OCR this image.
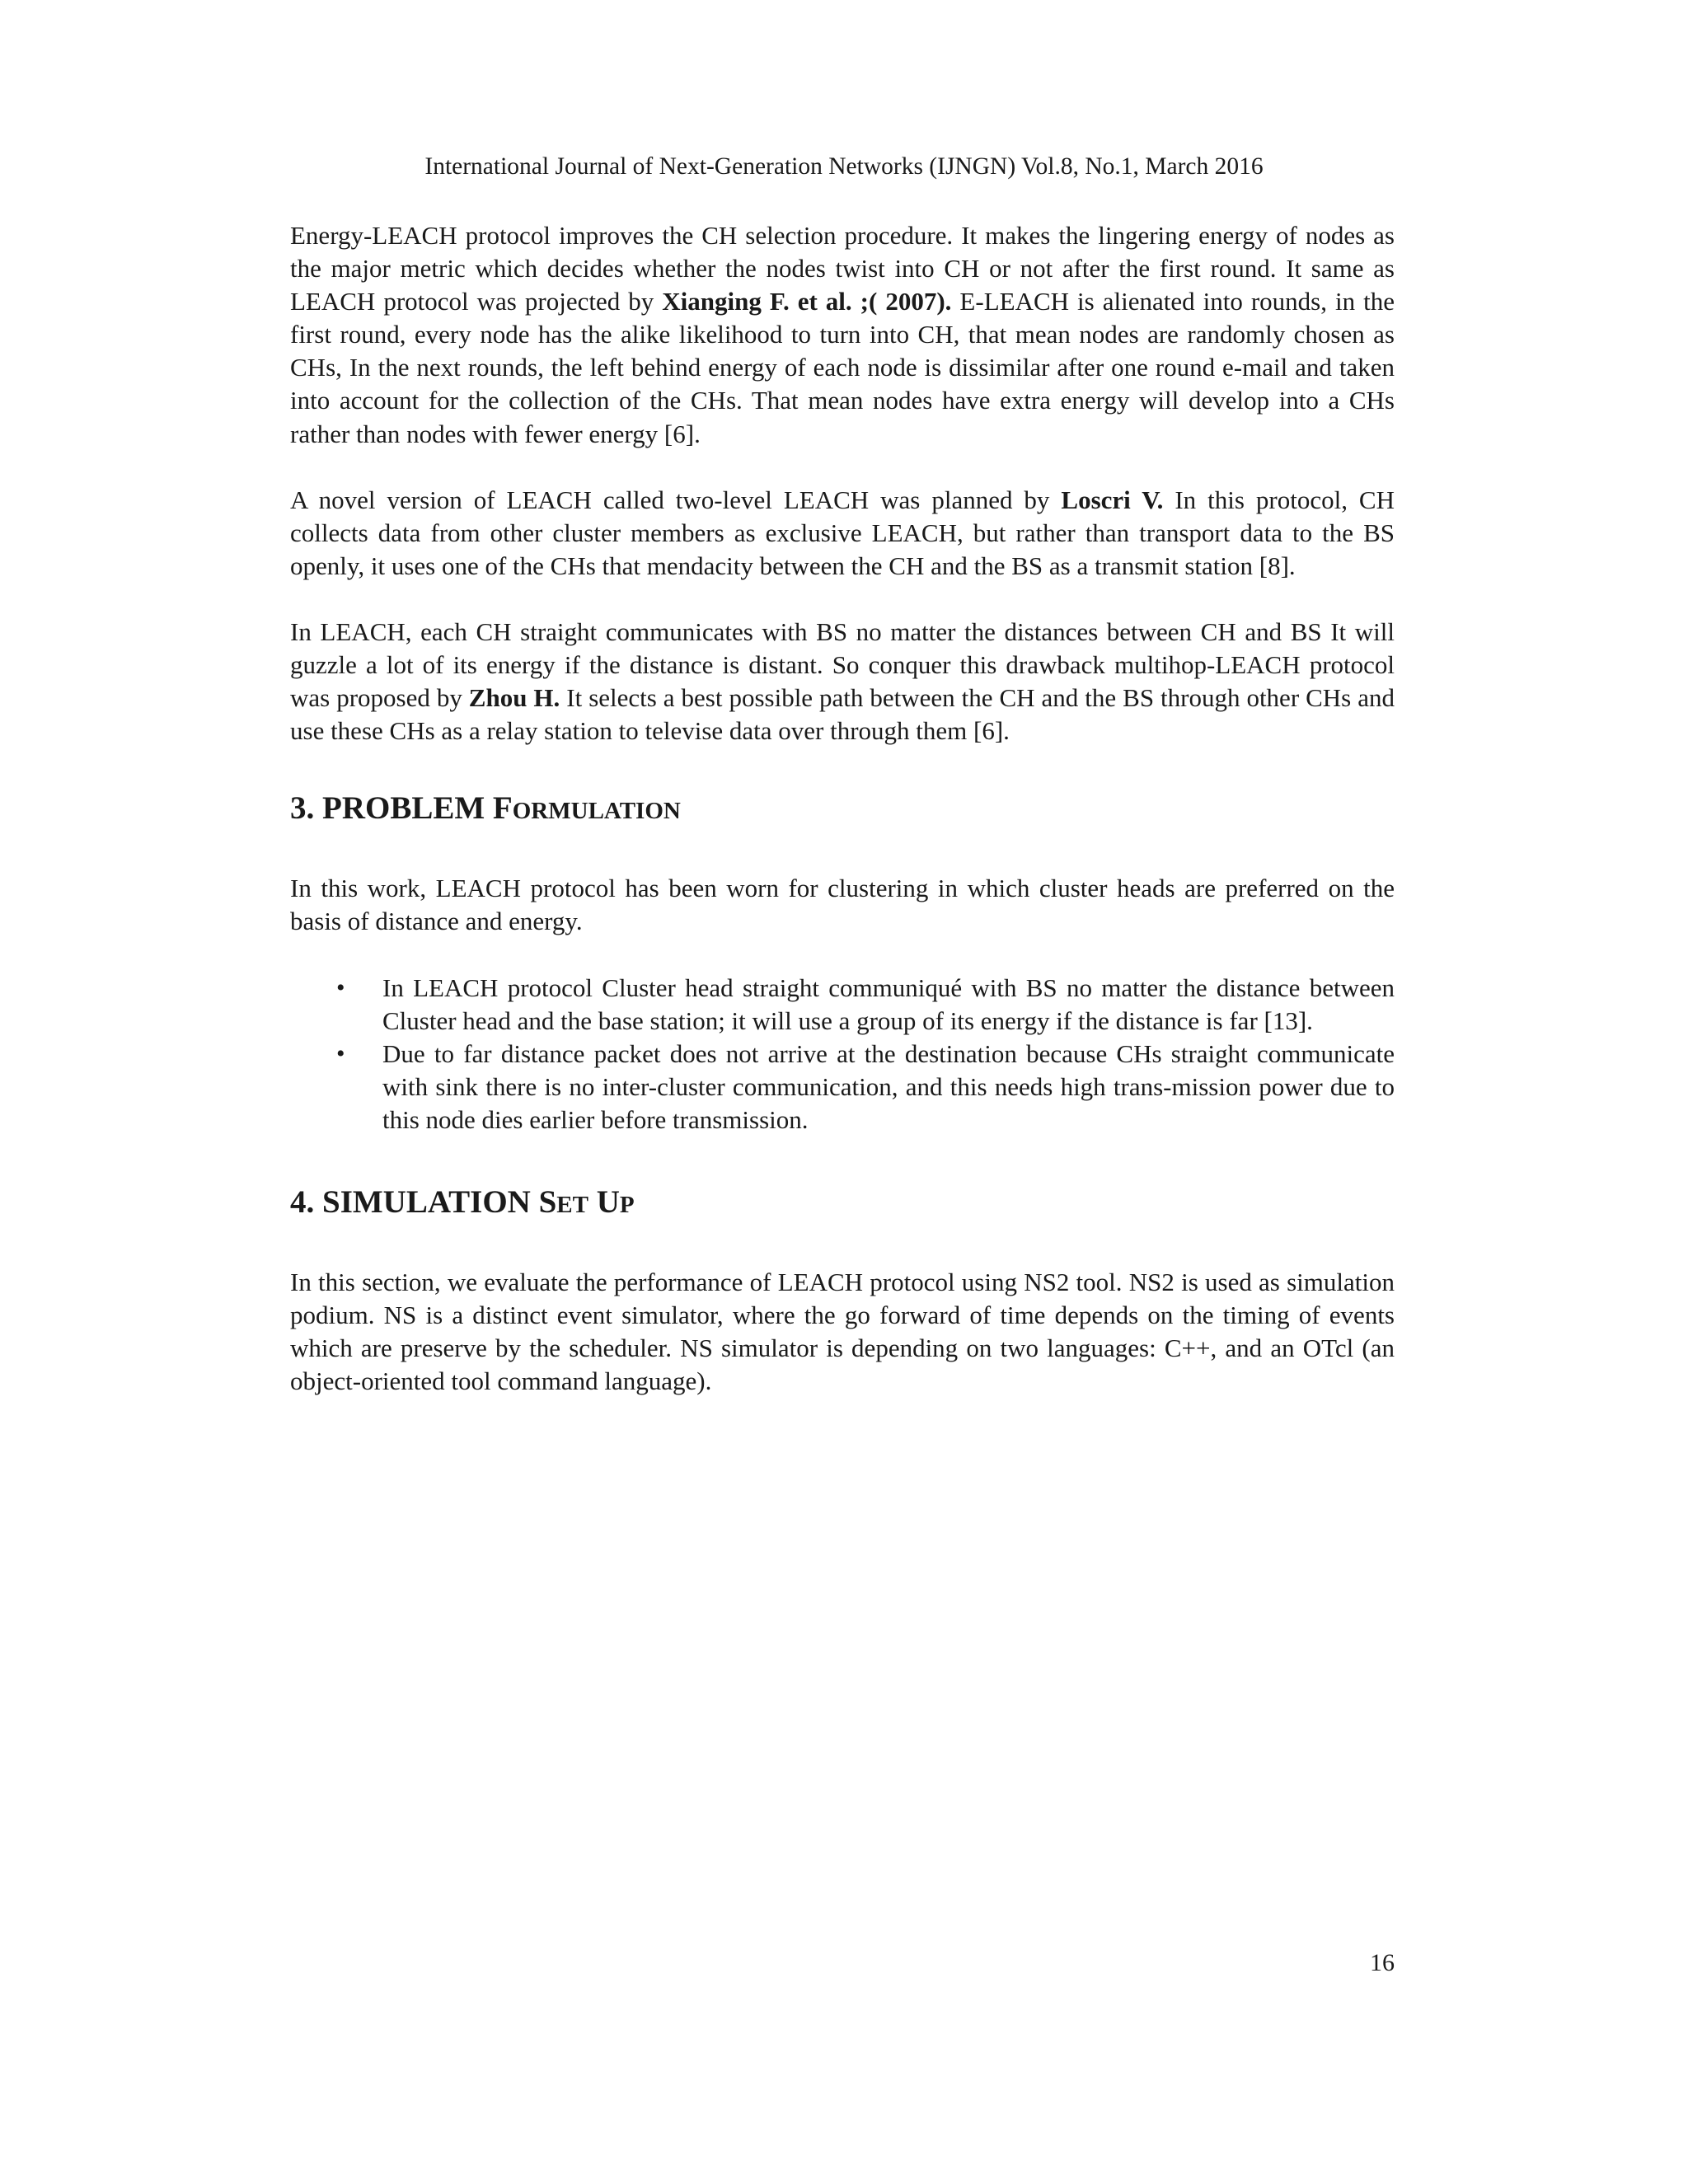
International Journal of Next-Generation Networks (IJNGN) Vol.8, No.1, March 2016

Energy-LEACH protocol improves the CH selection procedure. It makes the lingering energy of nodes as the major metric which decides whether the nodes twist into CH or not after the first round. It same as LEACH protocol was projected by Xianging F. et al. ;( 2007). E-LEACH is alienated into rounds, in the first round, every node has the alike likelihood to turn into CH, that mean nodes are randomly chosen as CHs, In the next rounds, the left behind energy of each node is dissimilar after one round e-mail and taken into account for the collection of the CHs. That mean nodes have extra energy will develop into a CHs rather than nodes with fewer energy [6].

A novel version of LEACH called two-level LEACH was planned by Loscri V. In this protocol, CH collects data from other cluster members as exclusive LEACH, but rather than transport data to the BS openly, it uses one of the CHs that mendacity between the CH and the BS as a transmit station [8].

In LEACH, each CH straight communicates with BS no matter the distances between CH and BS It will guzzle a lot of its energy if the distance is distant. So conquer this drawback multihop-LEACH protocol was proposed by Zhou H. It selects a best possible path between the CH and the BS through other CHs and use these CHs as a relay station to televise data over through them [6].

3. PROBLEM FORMULATION

In this work, LEACH protocol has been worn for clustering in which cluster heads are preferred on the basis of distance and energy.

• In LEACH protocol Cluster head straight communiqué with BS no matter the distance between Cluster head and the base station; it will use a group of its energy if the distance is far [13].

• Due to far distance packet does not arrive at the destination because CHs straight communicate with sink there is no inter-cluster communication, and this needs high trans-mission power due to this node dies earlier before transmission.

4. SIMULATION SET UP

In this section, we evaluate the performance of LEACH protocol using NS2 tool. NS2 is used as simulation podium. NS is a distinct event simulator, where the go forward of time depends on the timing of events which are preserve by the scheduler. NS simulator is depending on two languages: C++, and an OTcl (an object-oriented tool command language).

16
